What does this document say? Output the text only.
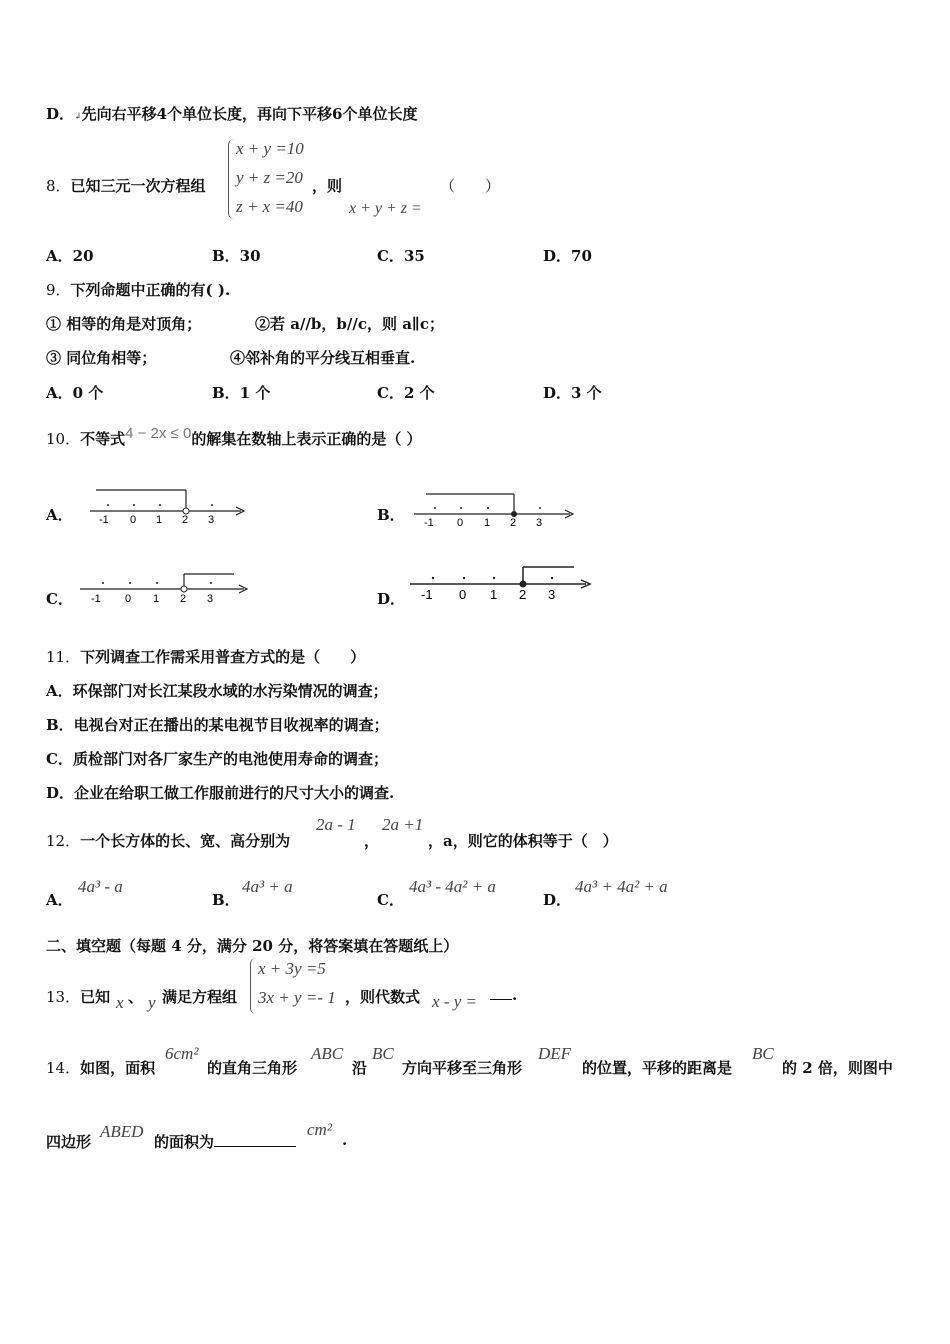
D．↲先向右平移4个单位长度，再向下平移6个单位长度
8．已知三元一次方程组
x + y =10
y + z =20
z + x =40
，则
x + y + z =
（　　）
A．20	B．30	C．35	D．70
9．下列命题中正确的有( ).
① 相等的角是对顶角；	②若 a//b，b//c，则 a∥c；
③ 同位角相等；	④邻补角的平分线互相垂直.
A．0 个	B．1 个	C．2 个	D．3 个
10．不等式4 − 2x ≤ 0的解集在数轴上表示正确的是（ ）
A． -1 0 1 2 3	B． -1 0 1 2 3
C． -1 0 1 2 3	D． -1 0 1 2 3
11．下列调查工作需采用普查方式的是（　　）
A．环保部门对长江某段水域的水污染情况的调查；
B．电视台对正在播出的某电视节目收视率的调查；
C．质检部门对各厂家生产的电池使用寿命的调查；
D．企业在给职工做工作服前进行的尺寸大小的调查.
12．一个长方体的长、宽、高分别为
2a - 1
，
2a +1
，a，则它的体积等于（　）
A．
4a³ - a
B．
4a³ + a
C．
4a³ - 4a² + a
D．
4a³ + 4a² + a
二、填空题（每题 4 分，满分 20 分，将答案填在答题纸上）
13．已知 x 、 y 满足方程组
x + 3y =5
3x + y =- 1 ，则代数式 x - y =	.
14．如图，面积
6cm²
的直角三角形
ABC
沿
BC
方向平移至三角形
DEF
的位置，平移的距离是
BC
的 2 倍，则图中
四边形
ABED
的面积为
cm²
.
